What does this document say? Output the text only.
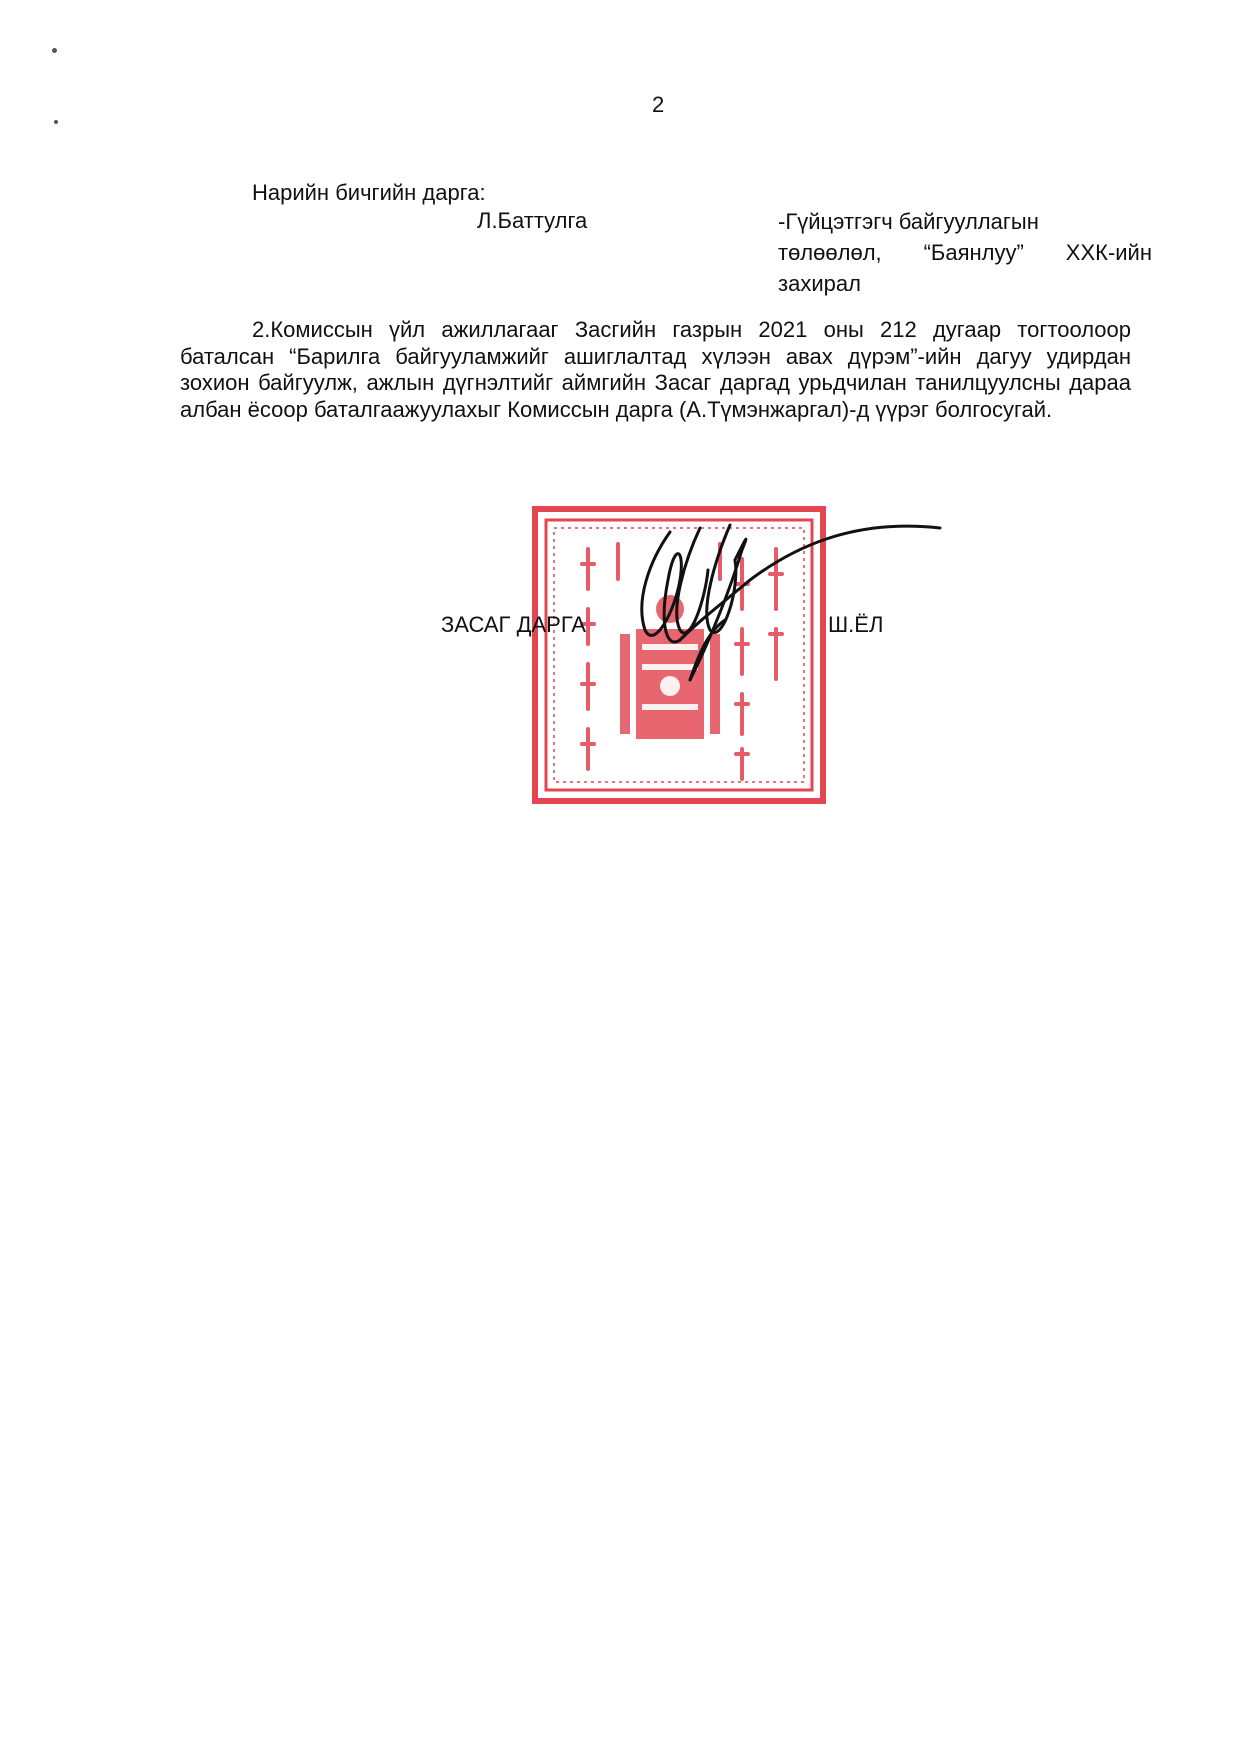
2
Нарийн бичгийн дарга:
Л.Баттулга	-Гүйцэтгэгч байгууллагын
төлөөлөл, “Баянлуу” ХХК-ийн
захирал

2.Комиссын үйл ажиллагааг Засгийн газрын 2021 оны 212 дугаар тогтоолоор баталсан “Барилга байгууламжийг ашиглалтад хүлээн авах дүрэм”-ийн дагуу удирдан зохион байгуулж, ажлын дүгнэлтийг аймгийн Засаг даргад урьдчилан танилцуулсны дараа албан ёсоор баталгаажуулахыг Комиссын дарга (А.Түмэнжаргал)-д үүрэг болгосугай.

ЗАСАГ ДАРГА	Ш.ЁЛ
